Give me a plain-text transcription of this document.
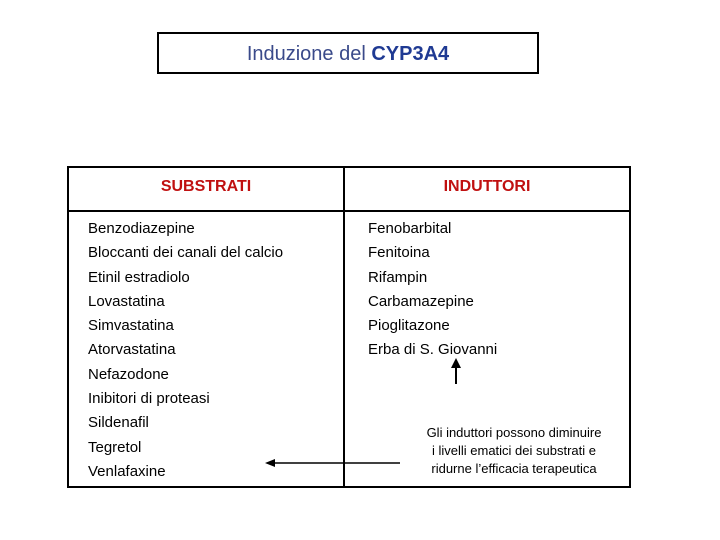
Induzione del CYP3A4
SUBSTRATI	INDUTTORI
Benzodiazepine
Bloccanti dei canali del calcio
Etinil estradiolo
Lovastatina
Simvastatina
Atorvastatina
Nefazodone
Inibitori di proteasi
Sildenafil
Tegretol
Venlafaxine
Fenobarbital
Fenitoina
Rifampin
Carbamazepine
Pioglitazone
Erba di S. Giovanni
Gli induttori possono diminuire
i livelli ematici dei substrati e
ridurne l’efficacia terapeutica
